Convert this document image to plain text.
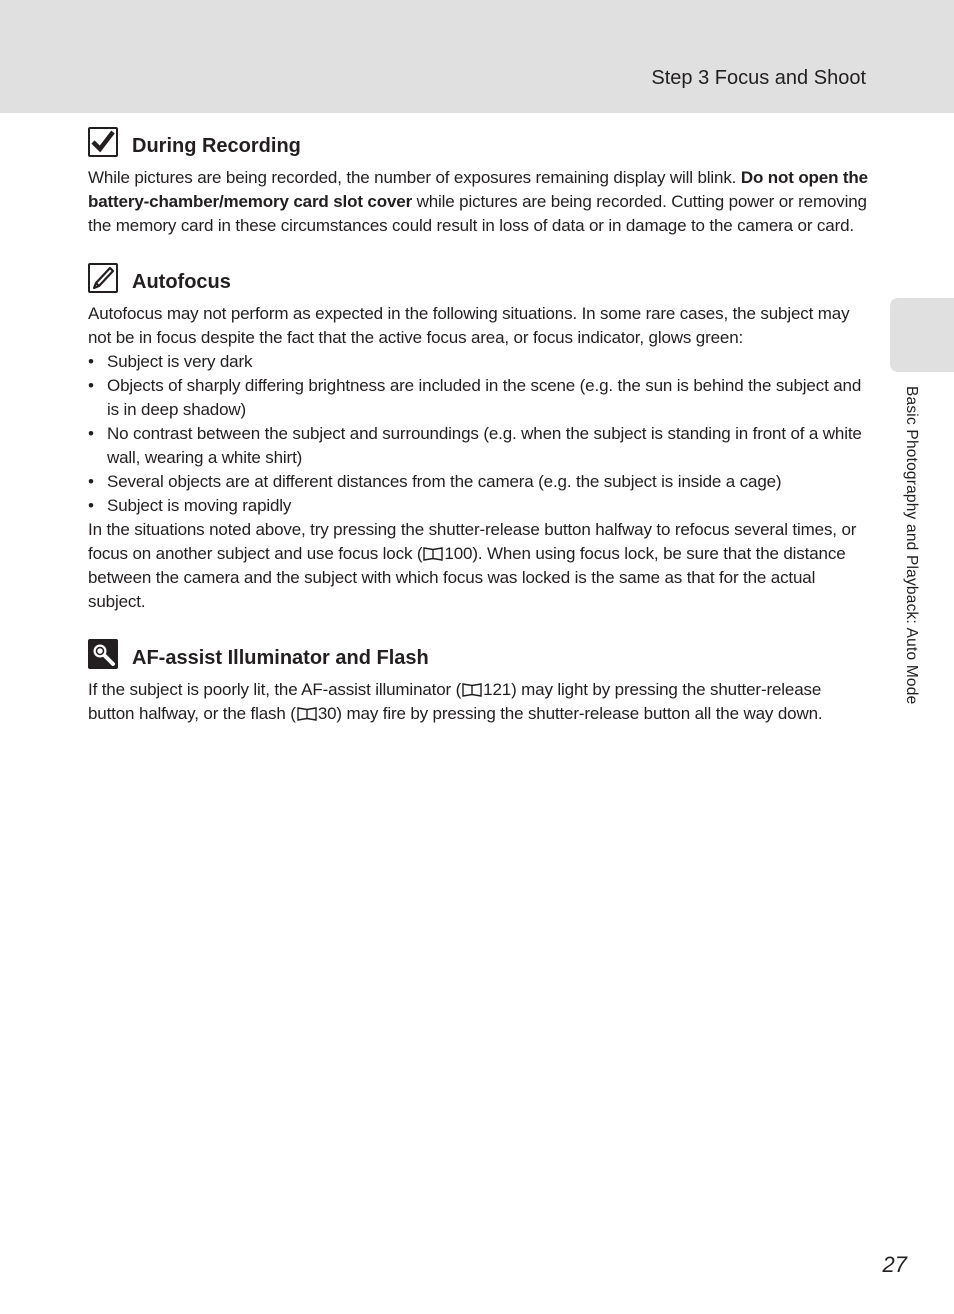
Step 3 Focus and Shoot
Basic Photography and Playback: Auto Mode
During Recording

While pictures are being recorded, the number of exposures remaining display will blink. Do not open the battery-chamber/memory card slot cover while pictures are being recorded. Cutting power or removing the memory card in these circumstances could result in loss of data or in damage to the camera or card.

Autofocus

Autofocus may not perform as expected in the following situations. In some rare cases, the subject may not be in focus despite the fact that the active focus area, or focus indicator, glows green:

• Subject is very dark
• Objects of sharply differing brightness are included in the scene (e.g. the sun is behind the subject and is in deep shadow)
• No contrast between the subject and surroundings (e.g. when the subject is standing in front of a white wall, wearing a white shirt)
• Several objects are at different distances from the camera (e.g. the subject is inside a cage)
• Subject is moving rapidly

In the situations noted above, try pressing the shutter-release button halfway to refocus several times, or focus on another subject and use focus lock ( 100). When using focus lock, be sure that the distance between the camera and the subject with which focus was locked is the same as that for the actual subject.

AF-assist Illuminator and Flash

If the subject is poorly lit, the AF-assist illuminator ( 121) may light by pressing the shutter-release button halfway, or the flash ( 30) may fire by pressing the shutter-release button all the way down.

27
